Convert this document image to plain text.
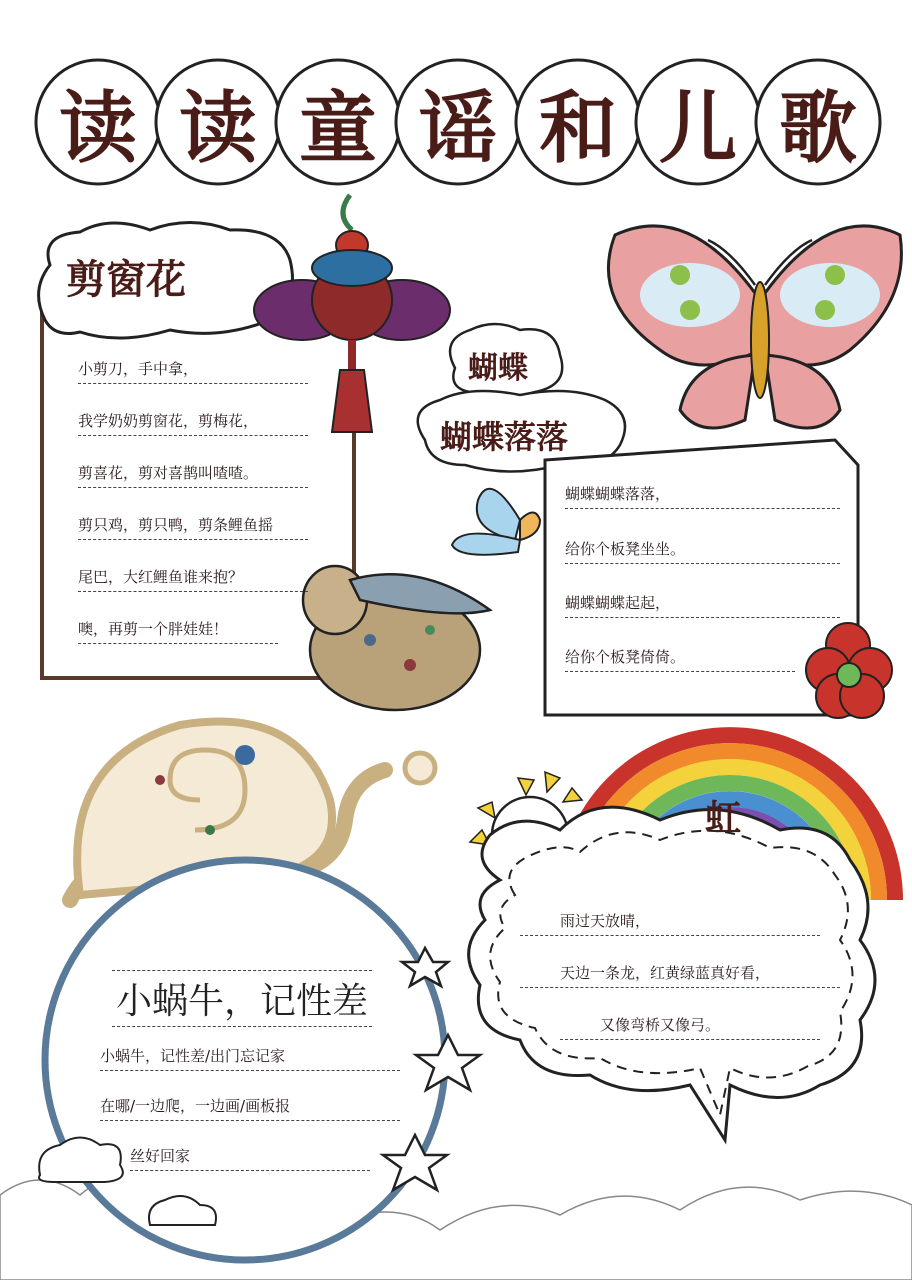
读 读 童 谣 和 儿 歌
剪窗花
小剪刀，手中拿，
我学奶奶剪窗花，剪梅花，
剪喜花，剪对喜鹊叫喳喳。
剪只鸡，剪只鸭，剪条鲤鱼摇
尾巴，大红鲤鱼谁来抱？
噢，再剪一个胖娃娃！
蝴蝶
蝴蝶落落
蝴蝶蝴蝶落落，
给你个板凳坐坐。
蝴蝶蝴蝶起起，
给你个板凳倚倚。
小蜗牛，记性差
小蜗牛，记性差/出门忘记家
在哪/一边爬，一边画/画板报
丝好回家
虹
雨过天放晴，
天边一条龙，红黄绿蓝真好看，
又像弯桥又像弓。
